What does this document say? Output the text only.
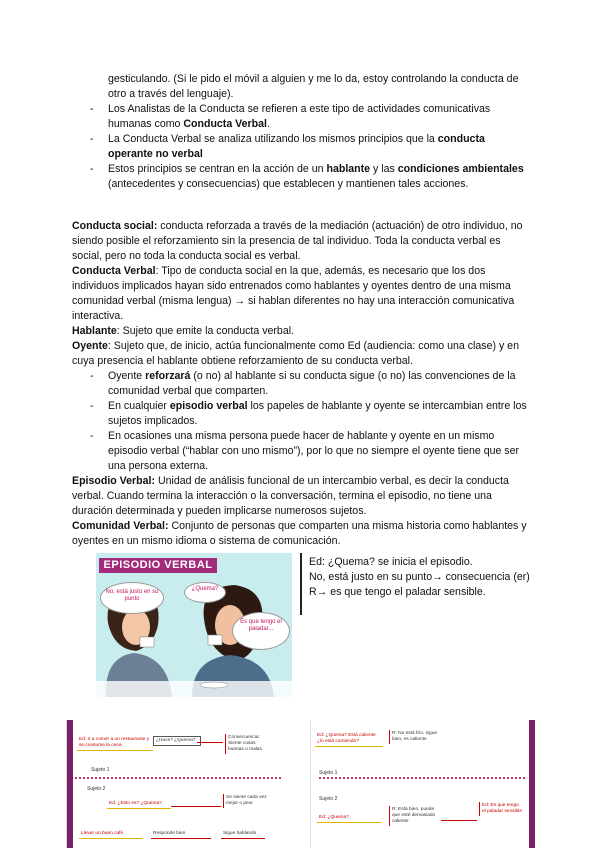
gesticulando. (Si le pido el móvil a alguien y me lo da, estoy controlando la conducta de otro a través del lenguaje).
- Los Analistas de la Conducta se refieren a este tipo de actividades comunicativas humanas como Conducta Verbal.
- La Conducta Verbal se analiza utilizando los mismos principios que la conducta operante no verbal
- Estos principios se centran en la acción de un hablante y las condiciones ambientales (antecedentes y consecuencias) que establecen y mantienen tales acciones.

Conducta social: conducta reforzada a través de la mediación (actuación) de otro individuo, no siendo posible el reforzamiento sin la presencia de tal individuo. Toda la conducta verbal es social, pero no toda la conducta social es verbal.

Conducta Verbal: Tipo de conducta social en la que, además, es necesario que los dos individuos implicados hayan sido entrenados como hablantes y oyentes dentro de una misma comunidad verbal (misma lengua) → si hablan diferentes no hay una interacción comunicativa interactiva.

Hablante: Sujeto que emite la conducta verbal.

Oyente: Sujeto que, de inicio, actúa funcionalmente como Ed (audiencia: como una clase) y en cuya presencia el hablante obtiene reforzamiento de su conducta verbal.

- Oyente reforzará (o no) al hablante si su conducta sigue (o no) las convenciones de la comunidad verbal que comparten.
- En cualquier episodio verbal los papeles de hablante y oyente se intercambian entre los sujetos implicados.
- En ocasiones una misma persona puede hacer de hablante y oyente en un mismo episodio verbal (“hablar con uno mismo”), por lo que no siempre el oyente tiene que ser una persona externa.

Episodio Verbal: Unidad de análisis funcional de un intercambio verbal, es decir la conducta verbal. Cuando termina la interacción o la conversación, termina el episodio, no tiene una duración determinada y pueden implicarse numerosos sujetos.

Comunidad Verbal: Conjunto de personas que comparten una misma historia como hablantes y oyentes en un mismo idioma o sistema de comunicación.

EPISODIO VERBAL
No, está justo en su punto
¿Quema?
Es que tengo el paladar...
Ed: ¿Quema? se inicia el episodio.
No, está justo en su punto→ consecuencia (er)
R→ es que tengo el paladar sensible.
Ed: Ir a comer a un restaurante y se consume la cena
¿Hace? ¿Quema?
Consecuencia: Siente cosas buenas o malas
Sujeto 1
Sujeto 2
Ed. ¿Esto es? ¿Quema?
Se siente cada vez mejor o peor
Llevar un buen café	Responde bien	Sigue hablando
Ed: ¿Quema? Está caliente ¿lo está comiendo?
R: No está frío, sigue bien, es caliente
Sujeto 1
Sujeto 2
Ed: ¿Quema?
R: Está bien, puede que esté demasiado caliente
Ed: Es que tengo el paladar sensible
